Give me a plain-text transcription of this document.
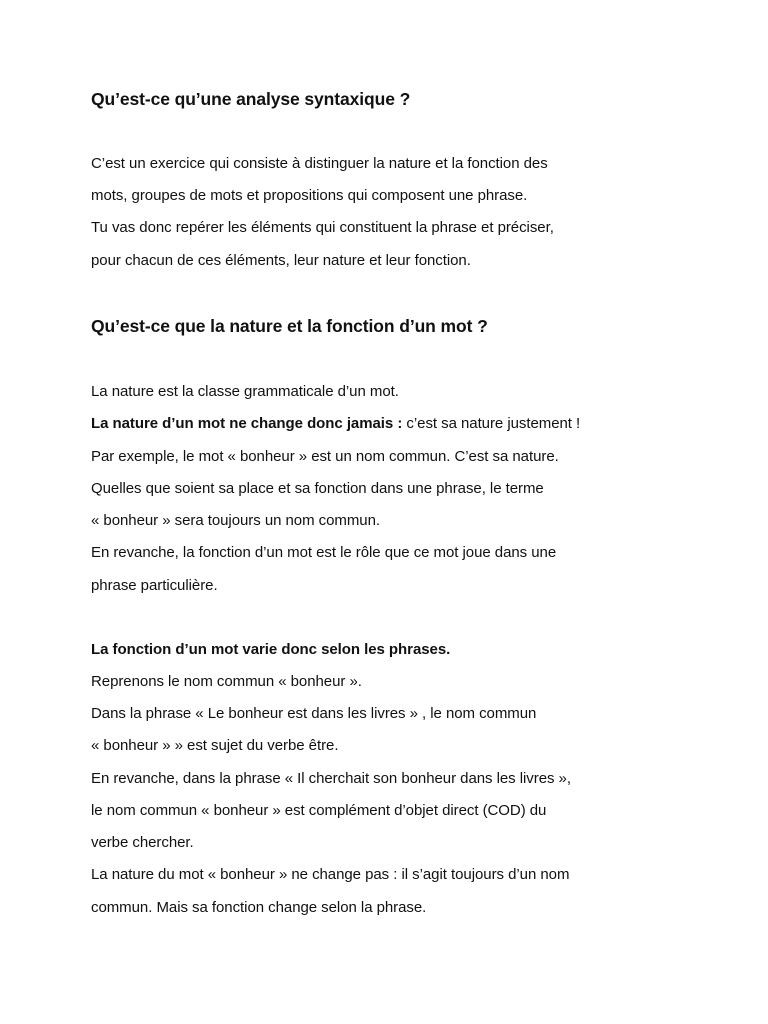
Qu’est-ce qu’une analyse syntaxique ?
C’est un exercice qui consiste à distinguer la nature et la fonction des
mots, groupes de mots et propositions qui composent une phrase.
Tu vas donc repérer les éléments qui constituent la phrase et préciser,
pour chacun de ces éléments, leur nature et leur fonction.
Qu’est-ce que la nature et la fonction d’un mot ?
La nature est la classe grammaticale d’un mot.
La nature d’un mot ne change donc jamais : c’est sa nature justement !
Par exemple, le mot « bonheur » est un nom commun. C’est sa nature.
Quelles que soient sa place et sa fonction dans une phrase, le terme
« bonheur » sera toujours un nom commun.
En revanche, la fonction d’un mot est le rôle que ce mot joue dans une
phrase particulière.
La fonction d’un mot varie donc selon les phrases.
Reprenons le nom commun « bonheur ».
Dans la phrase « Le bonheur est dans les livres » , le nom commun
« bonheur » » est sujet du verbe être.
En revanche, dans la phrase « Il cherchait son bonheur dans les livres »,
le nom commun « bonheur » est complément d’objet direct (COD) du
verbe chercher.
La nature du mot « bonheur » ne change pas : il s’agit toujours d’un nom
commun. Mais sa fonction change selon la phrase.
